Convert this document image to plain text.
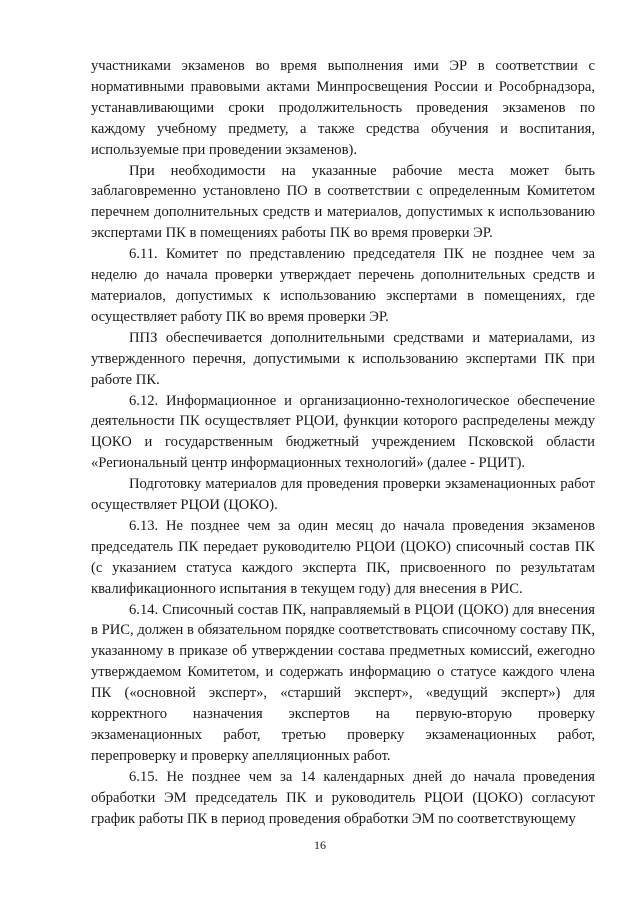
участниками экзаменов во время выполнения ими ЭР в соответствии с нормативными правовыми актами Минпросвещения России и Рособрнадзора, устанавливающими сроки продолжительность проведения экзаменов по каждому учебному предмету, а также средства обучения и воспитания, используемые при проведении экзаменов).

При необходимости на указанные рабочие места может быть заблаговременно установлено ПО в соответствии с определенным Комитетом перечнем дополнительных средств и материалов, допустимых к использованию экспертами ПК в помещениях работы ПК во время проверки ЭР.

6.11. Комитет по представлению председателя ПК не позднее чем за неделю до начала проверки утверждает перечень дополнительных средств и материалов, допустимых к использованию экспертами в помещениях, где осуществляет работу ПК во время проверки ЭР.

ППЗ обеспечивается дополнительными средствами и материалами, из утвержденного перечня, допустимыми к использованию экспертами ПК при работе ПК.

6.12. Информационное и организационно-технологическое обеспечение деятельности ПК осуществляет РЦОИ, функции которого распределены между ЦОКО и государственным бюджетный учреждением Псковской области «Региональный центр информационных технологий» (далее - РЦИТ).

Подготовку материалов для проведения проверки экзаменационных работ осуществляет РЦОИ (ЦОКО).

6.13. Не позднее чем за один месяц до начала проведения экзаменов председатель ПК передает руководителю РЦОИ (ЦОКО) списочный состав ПК (с указанием статуса каждого эксперта ПК, присвоенного по результатам квалификационного испытания в текущем году) для внесения в РИС.

6.14. Списочный состав ПК, направляемый в РЦОИ (ЦОКО) для внесения в РИС, должен в обязательном порядке соответствовать списочному составу ПК, указанному в приказе об утверждении состава предметных комиссий, ежегодно утверждаемом Комитетом, и содержать информацию о статусе каждого члена ПК («основной эксперт», «старший эксперт», «ведущий эксперт») для корректного назначения экспертов на первую-вторую проверку экзаменационных работ, третью проверку экзаменационных работ, перепроверку и проверку апелляционных работ.

6.15. Не позднее чем за 14 календарных дней до начала проведения обработки ЭМ председатель ПК и руководитель РЦОИ (ЦОКО) согласуют график работы ПК в период проведения обработки ЭМ по соответствующему

16
